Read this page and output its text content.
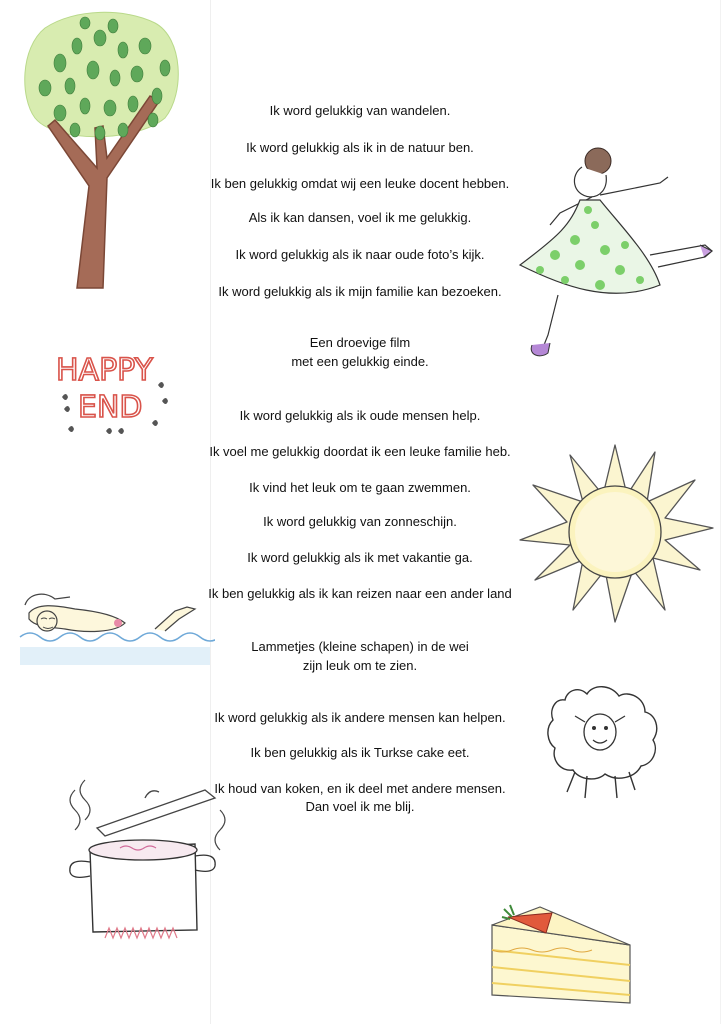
Ik word gelukkig van wandelen.
Ik word gelukkig als ik in de natuur ben.
Ik ben gelukkig omdat wij een leuke docent hebben.
Als ik kan dansen, voel ik me gelukkig.
Ik word gelukkig als ik naar oude foto’s kijk.
Ik word gelukkig als ik mijn familie kan bezoeken.
Een droevige film
met een gelukkig einde.
Ik word gelukkig als ik oude mensen help.
Ik voel me gelukkig doordat ik een leuke familie heb.
Ik vind het leuk om te gaan zwemmen.
Ik word gelukkig van zonneschijn.
Ik word gelukkig als ik met vakantie ga.
Ik ben gelukkig als ik kan reizen naar een ander land
Lammetjes (kleine schapen) in de wei
zijn leuk om te zien.
Ik word gelukkig als ik andere mensen kan helpen.
Ik ben gelukkig als ik Turkse cake eet.
Ik houd van koken, en ik deel met andere mensen.
Dan voel ik me blij.
HAPPY
END
